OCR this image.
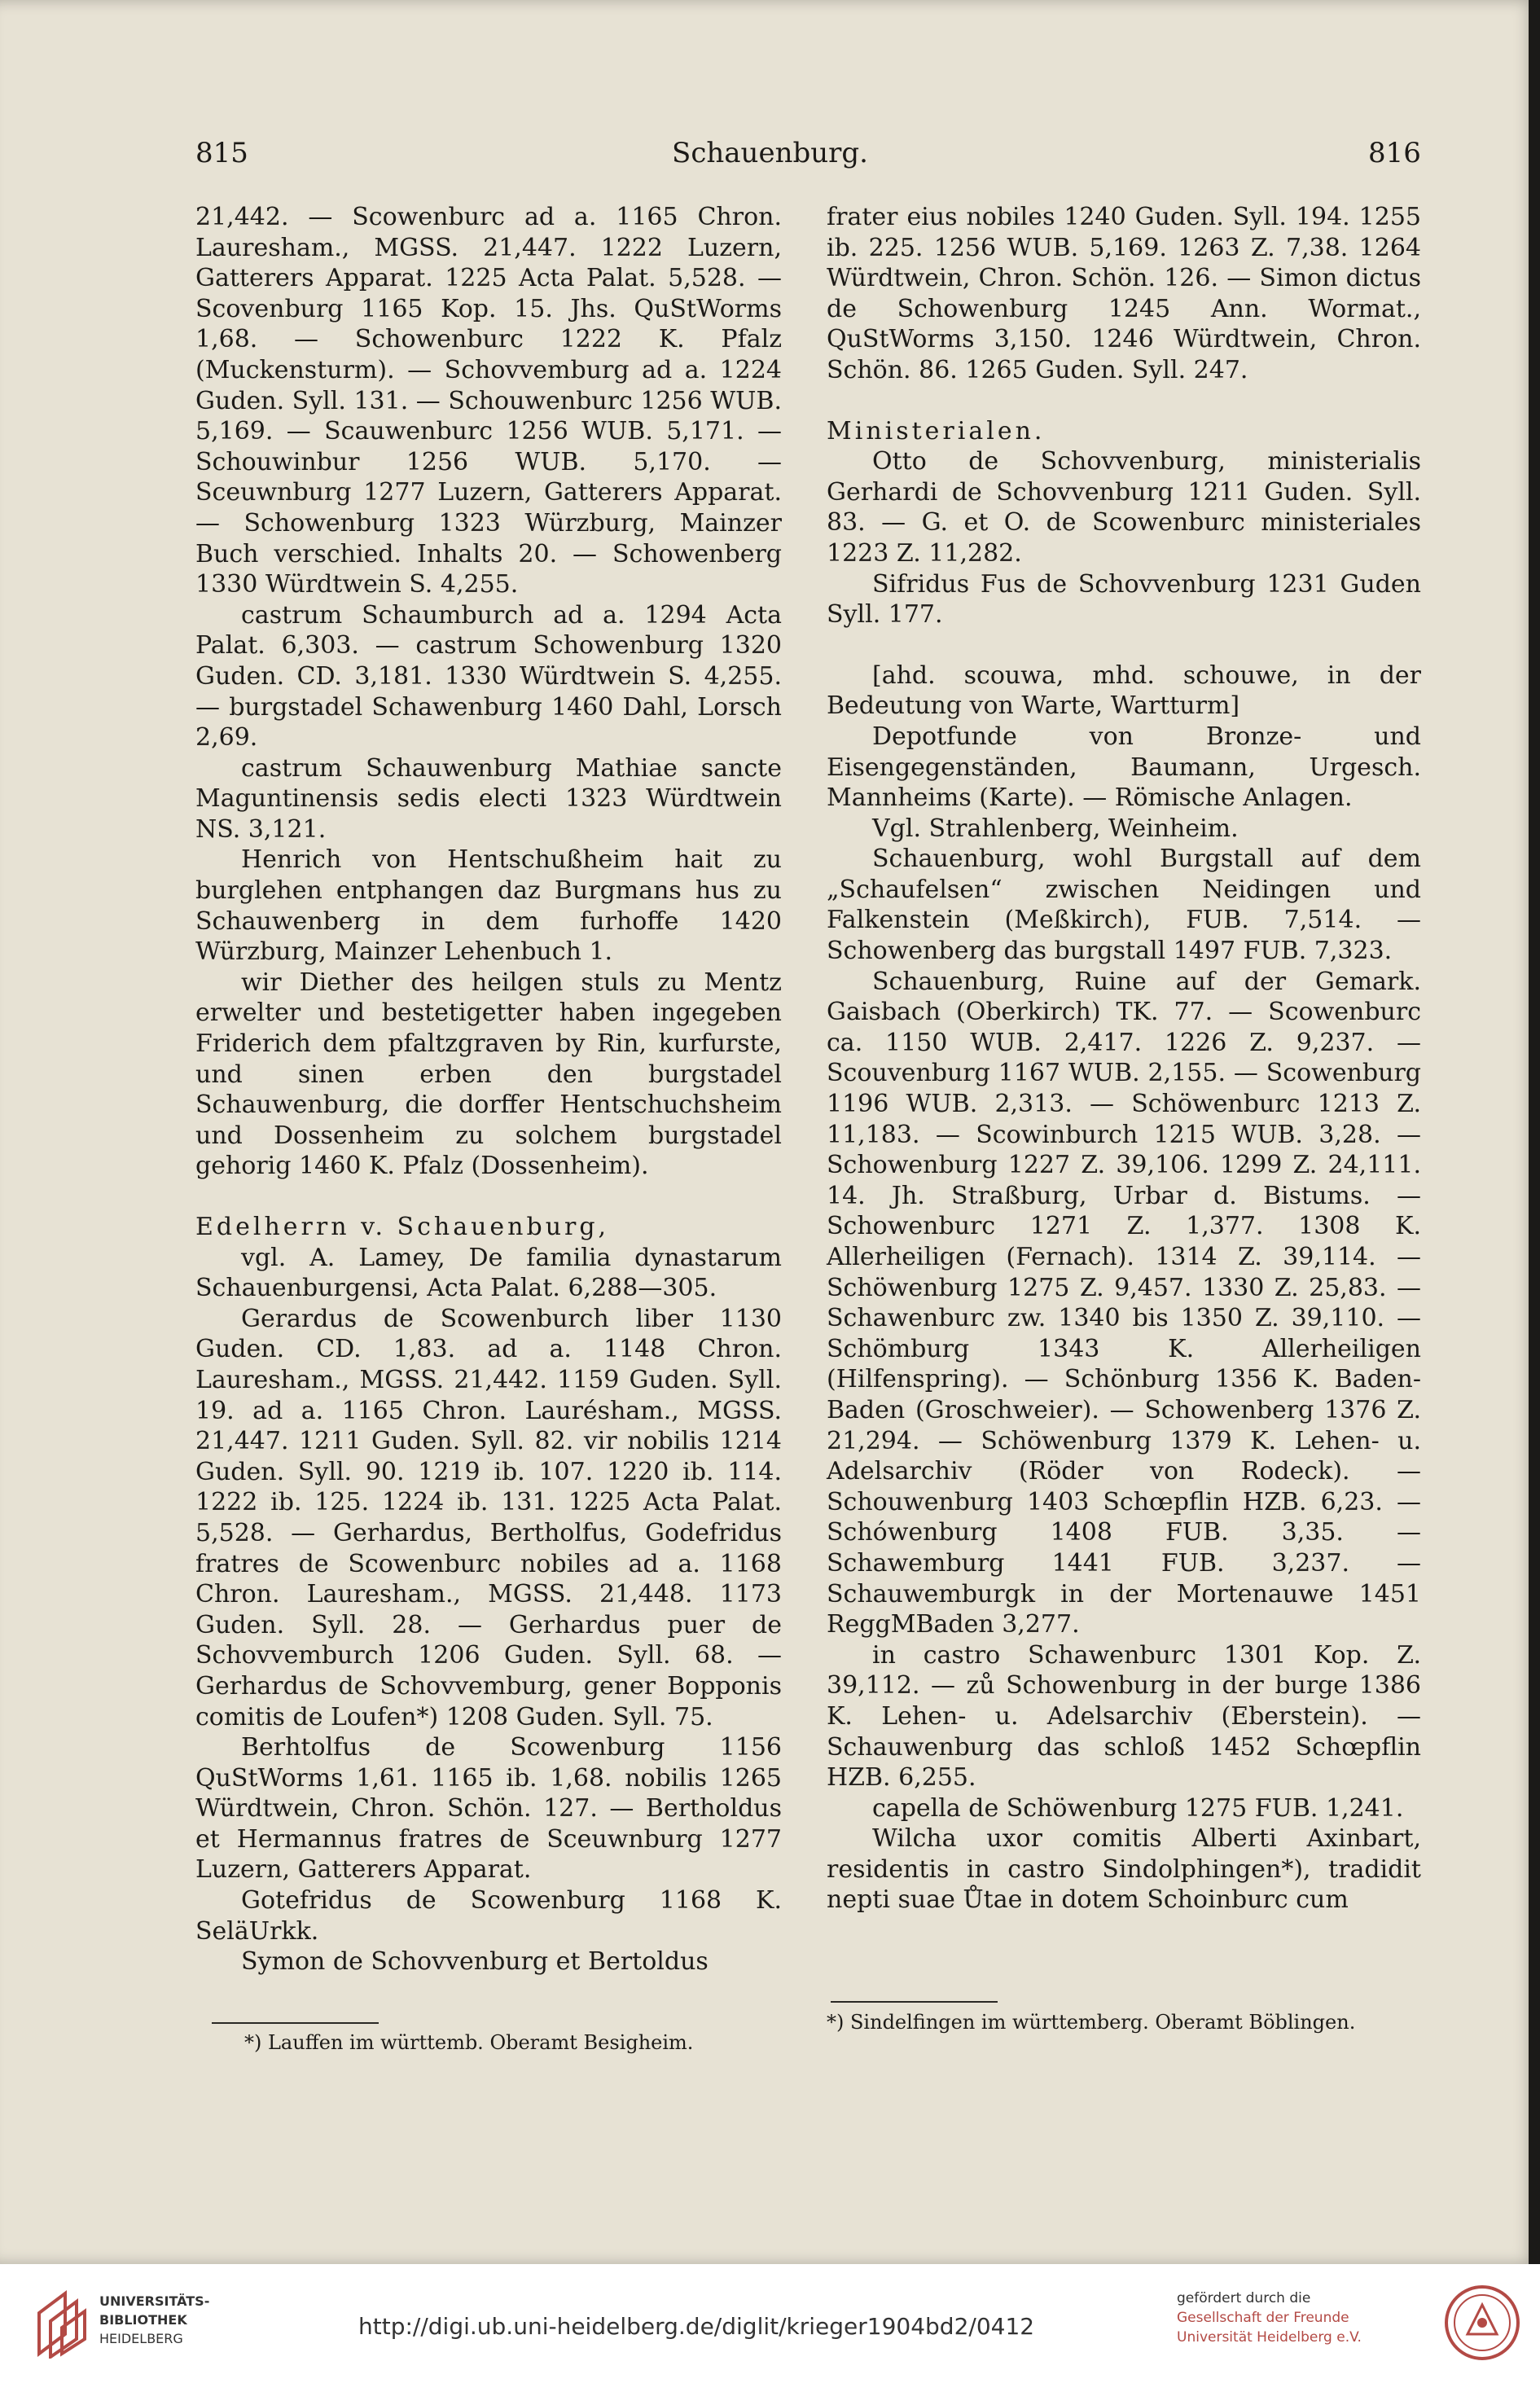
815	Schauenburg.	816

21,442. — Scowenburc ad a. 1165 Chron. Lauresham., MGSS. 21,447. 1222 Luzern, Gatterers Apparat. 1225 Acta Palat. 5,528. — Scovenburg 1165 Kop. 15. Jhs. QuStWorms 1,68. — Schowenburc 1222 K. Pfalz (Muckensturm). — Schovvemburg ad a. 1224 Guden. Syll. 131. — Schouwenburc 1256 WUB. 5,169. — Scauwenburc 1256 WUB. 5,171. — Schouwinbur 1256 WUB. 5,170. — Sceuwnburg 1277 Luzern, Gatterers Apparat. — Schowenburg 1323 Würzburg, Mainzer Buch verschied. Inhalts 20. — Schowenberg 1330 Würdtwein S. 4,255.

castrum Schaumburch ad a. 1294 Acta Palat. 6,303. — castrum Schowenburg 1320 Guden. CD. 3,181. 1330 Würdtwein S. 4,255. — burgstadel Schawenburg 1460 Dahl, Lorsch 2,69.

castrum Schauwenburg Mathiae sancte Maguntinensis sedis electi 1323 Würdtwein NS. 3,121.

Henrich von Hentschußheim hait zu burglehen entphangen daz Burgmans hus zu Schauwenberg in dem furhoffe 1420 Würzburg, Mainzer Lehenbuch 1.

wir Diether des heilgen stuls zu Mentz erwelter und bestetigetter haben ingegeben Friderich dem pfaltzgraven by Rin, kurfurste, und sinen erben den burgstadel Schauwenburg, die dorffer Hentschuchsheim und Dossenheim zu solchem burgstadel gehorig 1460 K. Pfalz (Dossenheim).

Edelherrn v. Schauenburg,

vgl. A. Lamey, De familia dynastarum Schauenburgensi, Acta Palat. 6,288—305.

Gerardus de Scowenburch liber 1130 Guden. CD. 1,83. ad a. 1148 Chron. Lauresham., MGSS. 21,442. 1159 Guden. Syll. 19. ad a. 1165 Chron. Laurésham., MGSS. 21,447. 1211 Guden. Syll. 82. vir nobilis 1214 Guden. Syll. 90. 1219 ib. 107. 1220 ib. 114. 1222 ib. 125. 1224 ib. 131. 1225 Acta Palat. 5,528. — Gerhardus, Bertholfus, Godefridus fratres de Scowenburc nobiles ad a. 1168 Chron. Lauresham., MGSS. 21,448. 1173 Guden. Syll. 28. — Gerhardus puer de Schovvemburch 1206 Guden. Syll. 68. — Gerhardus de Schovvemburg, gener Bopponis comitis de Loufen*) 1208 Guden. Syll. 75.

Berhtolfus de Scowenburg 1156 QuStWorms 1,61. 1165 ib. 1,68. nobilis 1265 Würdtwein, Chron. Schön. 127. — Bertholdus et Hermannus fratres de Sceuwnburg 1277 Luzern, Gatterers Apparat.

Gotefridus de Scowenburg 1168 K. SeläUrkk.

Symon de Schovvenburg et Bertoldus

*) Lauffen im württemb. Oberamt Besigheim.

frater eius nobiles 1240 Guden. Syll. 194. 1255 ib. 225. 1256 WUB. 5,169. 1263 Z. 7,38. 1264 Würdtwein, Chron. Schön. 126. — Simon dictus de Schowenburg 1245 Ann. Wormat., QuStWorms 3,150. 1246 Würdtwein, Chron. Schön. 86. 1265 Guden. Syll. 247.

Ministerialen.

Otto de Schovvenburg, ministerialis Gerhardi de Schovvenburg 1211 Guden. Syll. 83. — G. et O. de Scowenburc ministeriales 1223 Z. 11,282.

Sifridus Fus de Schovvenburg 1231 Guden Syll. 177.

[ahd. scouwa, mhd. schouwe, in der Bedeutung von Warte, Wartturm]

Depotfunde von Bronze- und Eisengegenständen, Baumann, Urgesch. Mannheims (Karte). — Römische Anlagen.

Vgl. Strahlenberg, Weinheim.

Schauenburg, wohl Burgstall auf dem „Schaufelsen“ zwischen Neidingen und Falkenstein (Meßkirch), FUB. 7,514. — Schowenberg das burgstall 1497 FUB. 7,323.

Schauenburg, Ruine auf der Gemark. Gaisbach (Oberkirch) TK. 77. — Scowenburc ca. 1150 WUB. 2,417. 1226 Z. 9,237. — Scouvenburg 1167 WUB. 2,155. — Scowenburg 1196 WUB. 2,313. — Schöwenburc 1213 Z. 11,183. — Scowinburch 1215 WUB. 3,28. — Schowenburg 1227 Z. 39,106. 1299 Z. 24,111. 14. Jh. Straßburg, Urbar d. Bistums. — Schowenburc 1271 Z. 1,377. 1308 K. Allerheiligen (Fernach). 1314 Z. 39,114. — Schöwenburg 1275 Z. 9,457. 1330 Z. 25,83. — Schawenburc zw. 1340 bis 1350 Z. 39,110. — Schömburg 1343 K. Allerheiligen (Hilfenspring). — Schönburg 1356 K. Baden-Baden (Groschweier). — Schowenberg 1376 Z. 21,294. — Schöwenburg 1379 K. Lehen- u. Adelsarchiv (Röder von Rodeck). — Schouwenburg 1403 Schœpflin HZB. 6,23. — Schówenburg 1408 FUB. 3,35. — Schawemburg 1441 FUB. 3,237. — Schauwemburgk in der Mortenauwe 1451 ReggMBaden 3,277.

in castro Schawenburc 1301 Kop. Z. 39,112. — zů Schowenburg in der burge 1386 K. Lehen- u. Adelsarchiv (Eberstein). — Schauwenburg das schloß 1452 Schœpflin HZB. 6,255.

capella de Schöwenburg 1275 FUB. 1,241.

Wilcha uxor comitis Alberti Axinbart, residentis in castro Sindolphingen*), tradidit nepti suae Ůtae in dotem Schoinburc cum

*) Sindelfingen im württemberg. Oberamt Böblingen.
UNIVERSITÄTS-
BIBLIOTHEK
HEIDELBERG	http://digi.ub.uni-heidelberg.de/diglit/krieger1904bd2/0412
gefördert durch die
Gesellschaft der Freunde
Universität Heidelberg e.V.
